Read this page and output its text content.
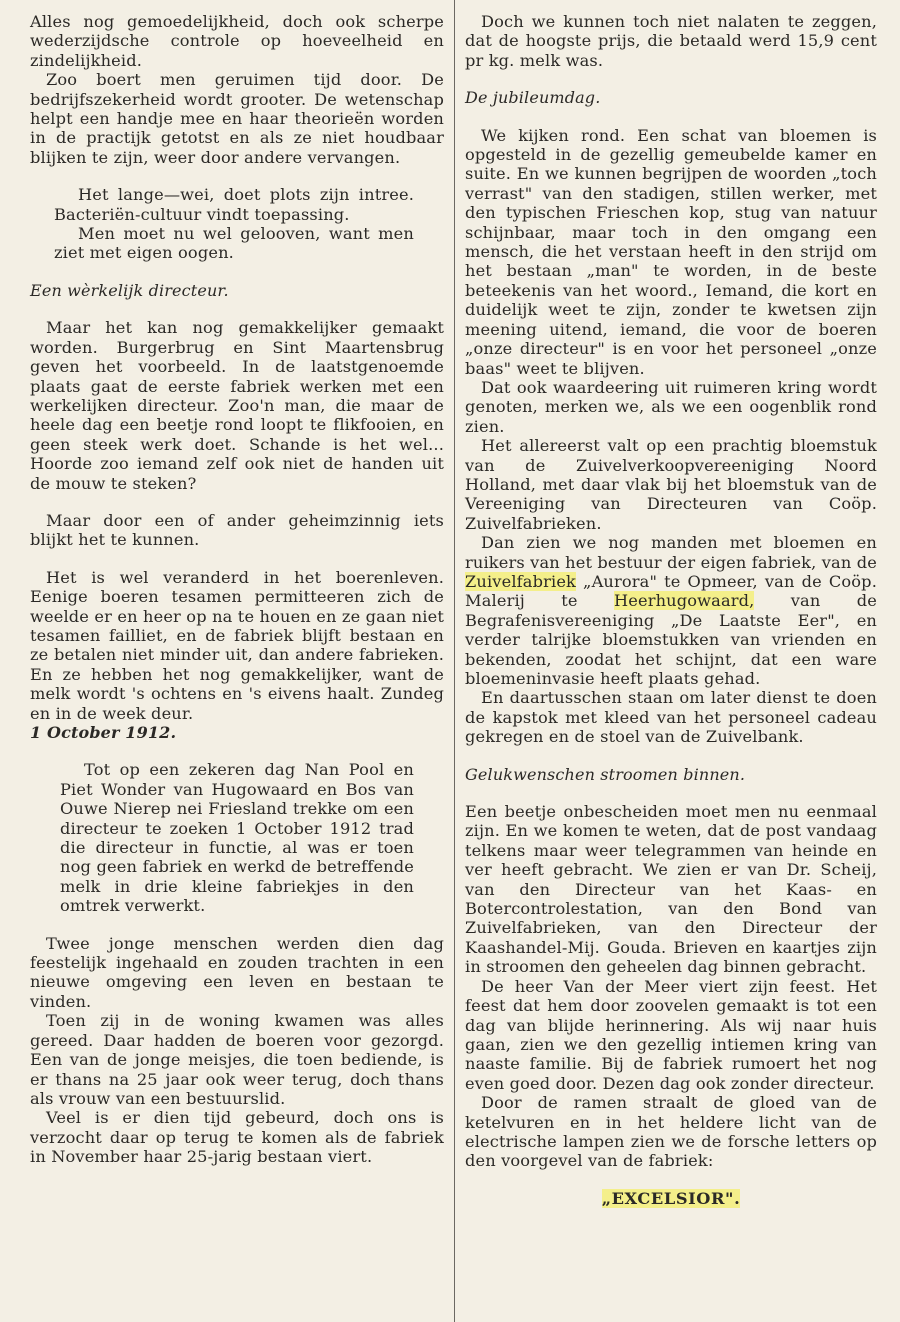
Alles nog gemoedelijkheid, doch ook scherpe wederzijdsche controle op hoeveelheid en zindelijkheid.

Zoo boert men geruimen tijd door. De bedrijfszekerheid wordt grooter. De wetenschap helpt een handje mee en haar theorieën worden in de practijk getotst en als ze niet houdbaar blijken te zijn, weer door andere vervangen.

Het lange—wei, doet plots zijn intree. Bacteriën-cultuur vindt toepassing.

Men moet nu wel gelooven, want men ziet met eigen oogen.

Een wèrkelijk directeur.

Maar het kan nog gemakkelijker gemaakt worden. Burgerbrug en Sint Maartensbrug geven het voorbeeld. In de laatstgenoemde plaats gaat de eerste fabriek werken met een werkelijken directeur. Zoo'n man, die maar de heele dag een beetje rond loopt te flikfooien, en geen steek werk doet. Schande is het wel... Hoorde zoo iemand zelf ook niet de handen uit de mouw te steken?

Maar door een of ander geheimzinnig iets blijkt het te kunnen.

Het is wel veranderd in het boerenleven. Eenige boeren tesamen permitteeren zich de weelde er en heer op na te houen en ze gaan niet tesamen failliet, en de fabriek blijft bestaan en ze betalen niet minder uit, dan andere fabrieken. En ze hebben het nog gemakkelijker, want de melk wordt 's ochtens en 's eivens haalt. Zundeg en in de week deur.

1 October 1912.

Tot op een zekeren dag Nan Pool en Piet Wonder van Hugowaard en Bos van Ouwe Nierep nei Friesland trekke om een directeur te zoeken 1 October 1912 trad die directeur in functie, al was er toen nog geen fabriek en werkd de betreffende melk in drie kleine fabriekjes in den omtrek verwerkt.

Twee jonge menschen werden dien dag feestelijk ingehaald en zouden trachten in een nieuwe omgeving een leven en bestaan te vinden.

Toen zij in de woning kwamen was alles gereed. Daar hadden de boeren voor gezorgd. Een van de jonge meisjes, die toen bediende, is er thans na 25 jaar ook weer terug, doch thans als vrouw van een bestuurslid.

Veel is er dien tijd gebeurd, doch ons is verzocht daar op terug te komen als de fabriek in November haar 25-jarig bestaan viert.

Doch we kunnen toch niet nalaten te zeggen, dat de hoogste prijs, die betaald werd 15,9 cent pr kg. melk was.

De jubileumdag.

We kijken rond. Een schat van bloemen is opgesteld in de gezellig gemeubelde kamer en suite. En we kunnen begrijpen de woorden „toch verrast" van den stadigen, stillen werker, met den typischen Frieschen kop, stug van natuur schijnbaar, maar toch in den omgang een mensch, die het verstaan heeft in den strijd om het bestaan „man" te worden, in de beste beteekenis van het woord., Iemand, die kort en duidelijk weet te zijn, zonder te kwetsen zijn meening uitend, iemand, die voor de boeren „onze directeur" is en voor het personeel „onze baas" weet te blijven.

Dat ook waardeering uit ruimeren kring wordt genoten, merken we, als we een oogenblik rond zien.

Het allereerst valt op een prachtig bloemstuk van de Zuivelverkoopvereeniging Noord Holland, met daar vlak bij het bloemstuk van de Vereeniging van Directeuren van Coöp. Zuivelfabrieken.

Dan zien we nog manden met bloemen en ruikers van het bestuur der eigen fabriek, van de Zuivelfabriek „Aurora" te Opmeer, van de Coöp. Malerij te Heerhugowaard, van de Begrafenisvereeniging „De Laatste Eer", en verder talrijke bloemstukken van vrienden en bekenden, zoodat het schijnt, dat een ware bloemeninvasie heeft plaats gehad.

En daartusschen staan om later dienst te doen de kapstok met kleed van het personeel cadeau gekregen en de stoel van de Zuivelbank.

Gelukwenschen stroomen binnen.

Een beetje onbescheiden moet men nu eenmaal zijn. En we komen te weten, dat de post vandaag telkens maar weer telegrammen van heinde en ver heeft gebracht. We zien er van Dr. Scheij, van den Directeur van het Kaas- en Botercontrolestation, van den Bond van Zuivelfabrieken, van den Directeur der Kaashandel-Mij. Gouda. Brieven en kaartjes zijn in stroomen den geheelen dag binnen gebracht.

De heer Van der Meer viert zijn feest. Het feest dat hem door zoovelen gemaakt is tot een dag van blijde herinnering. Als wij naar huis gaan, zien we den gezellig intiemen kring van naaste familie. Bij de fabriek rumoert het nog even goed door. Dezen dag ook zonder directeur.

Door de ramen straalt de gloed van de ketelvuren en in het heldere licht van de electrische lampen zien we de forsche letters op den voorgevel van de fabriek:

„EXCELSIOR".
